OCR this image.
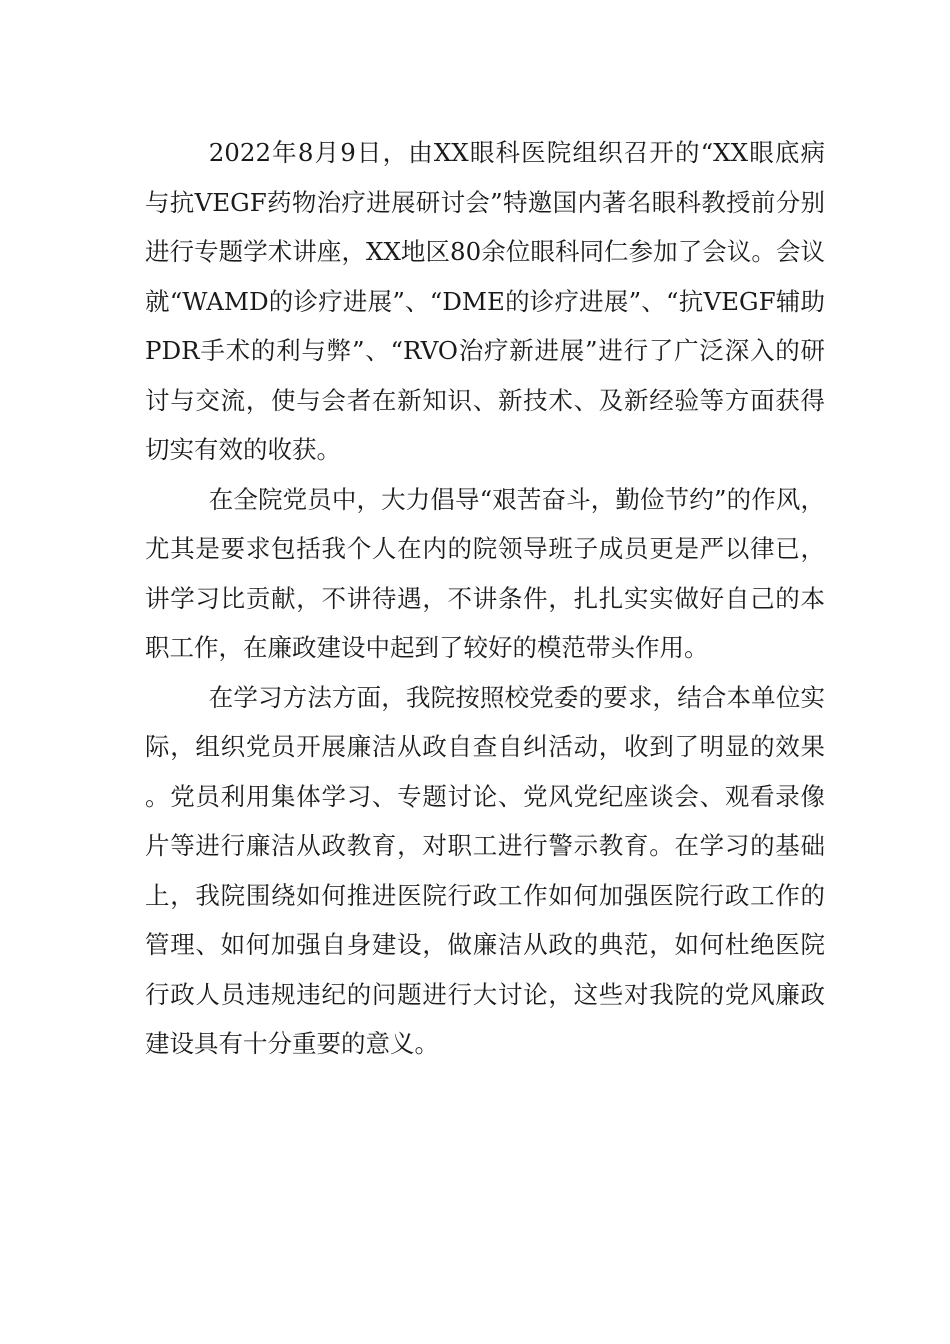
2022年8月9日，由XX眼科医院组织召开的“XX眼底病与抗VEGF药物治疗进展研讨会”特邀国内著名眼科教授前分别进行专题学术讲座，XX地区80余位眼科同仁参加了会议。会议就“WAMD的诊疗进展”、“DME的诊疗进展”、“抗VEGF辅助PDR手术的利与弊”、“RVO治疗新进展”进行了广泛深入的研讨与交流，使与会者在新知识、新技术、及新经验等方面获得切实有效的收获。

在全院党员中，大力倡导“艰苦奋斗，勤俭节约”的作风，尤其是要求包括我个人在内的院领导班子成员更是严以律已，讲学习比贡献，不讲待遇，不讲条件，扎扎实实做好自己的本职工作，在廉政建设中起到了较好的模范带头作用。

在学习方法方面，我院按照校党委的要求，结合本单位实际，组织党员开展廉洁从政自查自纠活动，收到了明显的效果。党员利用集体学习、专题讨论、党风党纪座谈会、观看录像片等进行廉洁从政教育，对职工进行警示教育。在学习的基础上，我院围绕如何推进医院行政工作如何加强医院行政工作的管理、如何加强自身建设，做廉洁从政的典范，如何杜绝医院行政人员违规违纪的问题进行大讨论，这些对我院的党风廉政建设具有十分重要的意义。
